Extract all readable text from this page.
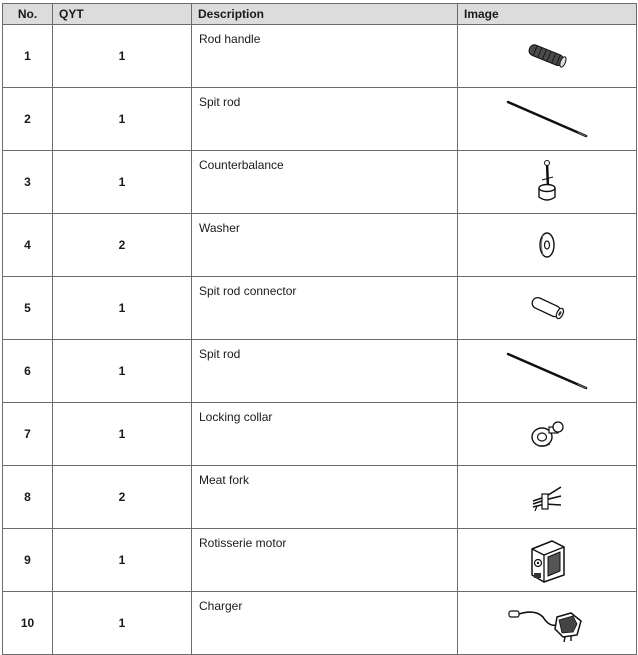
No.	QYT	Description	Image
1	1	Rod handle	
2	1	Spit rod	
3	1	Counterbalance	
4	2	Washer	
5	1	Spit rod connector	
6	1	Spit rod	
7	1	Locking collar	
8	2	Meat fork	
9	1	Rotisserie motor	
10	1	Charger	
